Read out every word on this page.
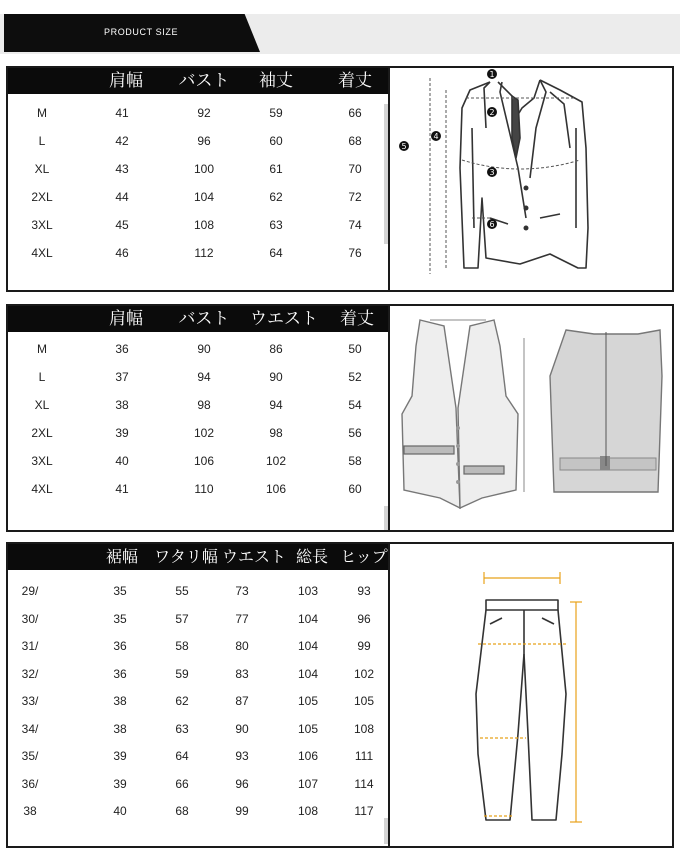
PRODUCT SIZE
肩幅 バスト 袖丈	着丈
M	41	92	59	66
L	42	96	60	68
XL	43	100	61	70
2XL	44	104	62	72
3XL	45	108	63	74
4XL	46	112	64	76
1
2
3
4
5
6
肩幅 バスト ウエスト 着丈
M	36	90	86	50
L	37	94	90	52
XL	38	98	94	54
2XL	39	102	98	56
3XL	40	106	102	58
4XL	41	110	106	60
裾幅 ワタリ幅 ウエスト 総長 ヒップ
29/	35	55	73	103	93
30/	35	57	77	104	96
31/	36	58	80	104	99
32/	36	59	83	104	102
33/	38	62	87	105	105
34/	38	63	90	105	108
35/	39	64	93	106	111
36/	39	66	96	107	114
38	40	68	99	108	117
